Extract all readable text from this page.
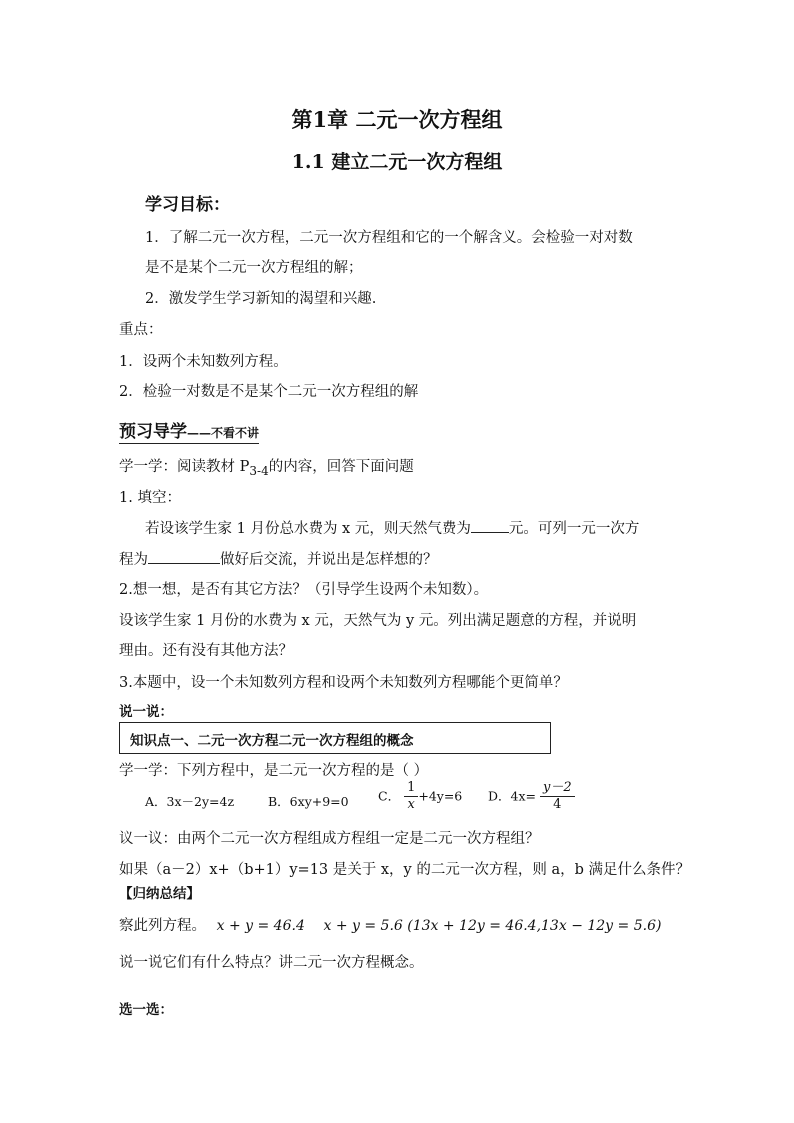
第1章 二元一次方程组
1.1 建立二元一次方程组
学习目标：
1．了解二元一次方程，二元一次方程组和它的一个解含义。会检验一对对数
是不是某个二元一次方程组的解；
2．激发学生学习新知的渴望和兴趣.
重点：
1．设两个未知数列方程。
2．检验一对数是不是某个二元一次方程组的解
预习导学——不看不讲
学一学：阅读教材 $P_{3-4}$的内容，回答下面问题
1. 填空：
若设该学生家 1 月份总水费为 x 元，则天然气费为	元。可列一元一次方
程为	做好后交流，并说出是怎样想的？
2.想一想，是否有其它方法？（引导学生设两个未知数）。
设该学生家 1 月份的水费为 x 元，天然气为 y 元。列出满足题意的方程，并说明
理由。还有没有其他方法？
3.本题中，设一个未知数列方程和设两个未知数列方程哪能个更简单？
说一说：
知识点一、二元一次方程二元一次方程组的概念
学一学：下列方程中，是二元一次方程的是（ ）
A．3x－2y=4z	B．6xy+9=0 C． $\frac{1}{x} +4y=6$ D．$4x= \frac{y-2}{4}$
议一议：由两个二元一次方程组成方程组一定是二元一次方程组？
如果（a－2）x+（b+1）y=13 是关于 x，y 的二元一次方程，则 a，b 满足什么条件？
【归纳总结】
察此列方程。 x + y = 46.4 x + y = 5.6 (13x + 12y = 46.4,13x − 12y = 5.6)
说一说它们有什么特点？讲二元一次方程概念。
选一选：
